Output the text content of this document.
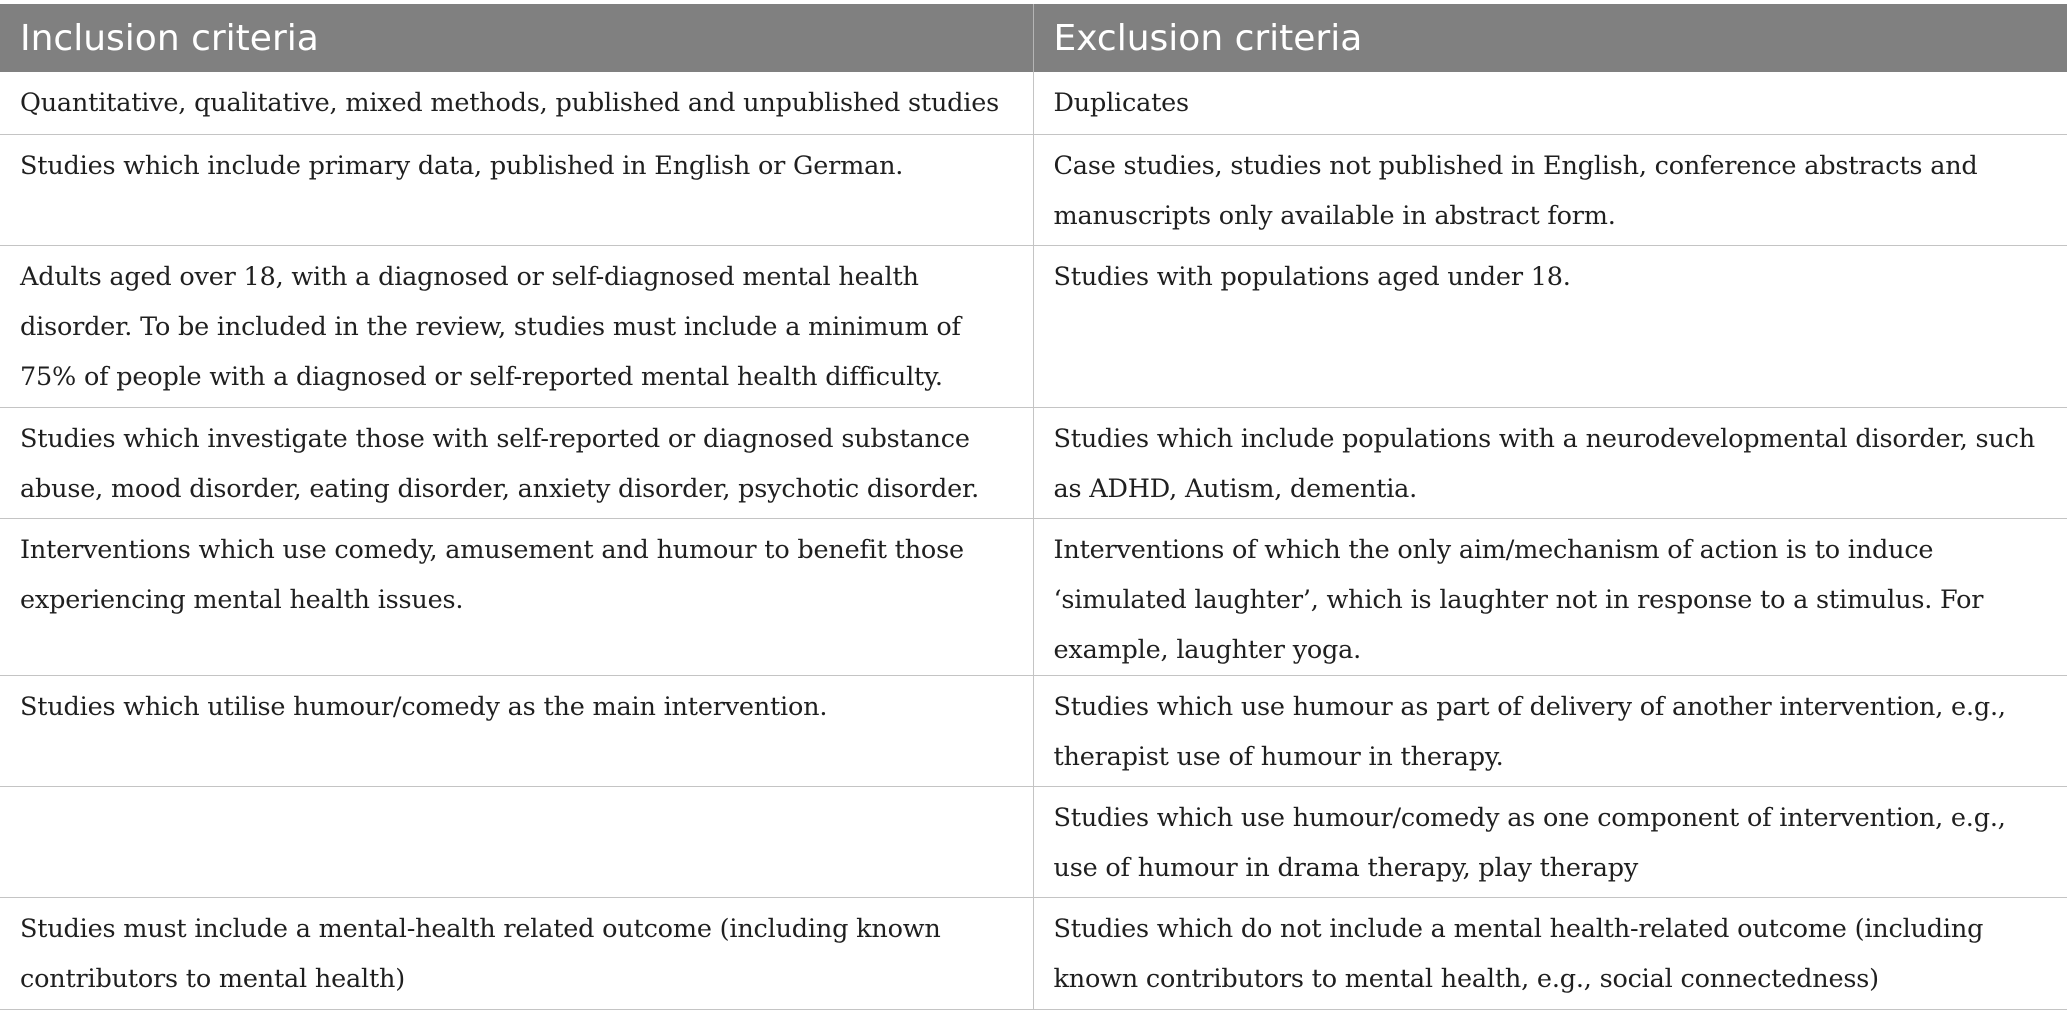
Inclusion criteria	Exclusion criteria
Quantitative, qualitative, mixed methods, published and unpublished studies	Duplicates
Studies which include primary data, published in English or German.	Case studies, studies not published in English, conference abstracts and manuscripts only available in abstract form.
Adults aged over 18, with a diagnosed or self-diagnosed mental health disorder. To be included in the review, studies must include a minimum of 75% of people with a diagnosed or self-reported mental health difficulty.	Studies with populations aged under 18.
Studies which investigate those with self-reported or diagnosed substance abuse, mood disorder, eating disorder, anxiety disorder, psychotic disorder.	Studies which include populations with a neurodevelopmental disorder, such as ADHD, Autism, dementia.
Interventions which use comedy, amusement and humour to benefit those experiencing mental health issues.	Interventions of which the only aim/mechanism of action is to induce ‘simulated laughter’, which is laughter not in response to a stimulus. For example, laughter yoga.
Studies which utilise humour/comedy as the main intervention.	Studies which use humour as part of delivery of another intervention, e.g., therapist use of humour in therapy.
	Studies which use humour/comedy as one component of intervention, e.g., use of humour in drama therapy, play therapy
Studies must include a mental-health related outcome (including known contributors to mental health)	Studies which do not include a mental health-related outcome (including known contributors to mental health, e.g., social connectedness)
